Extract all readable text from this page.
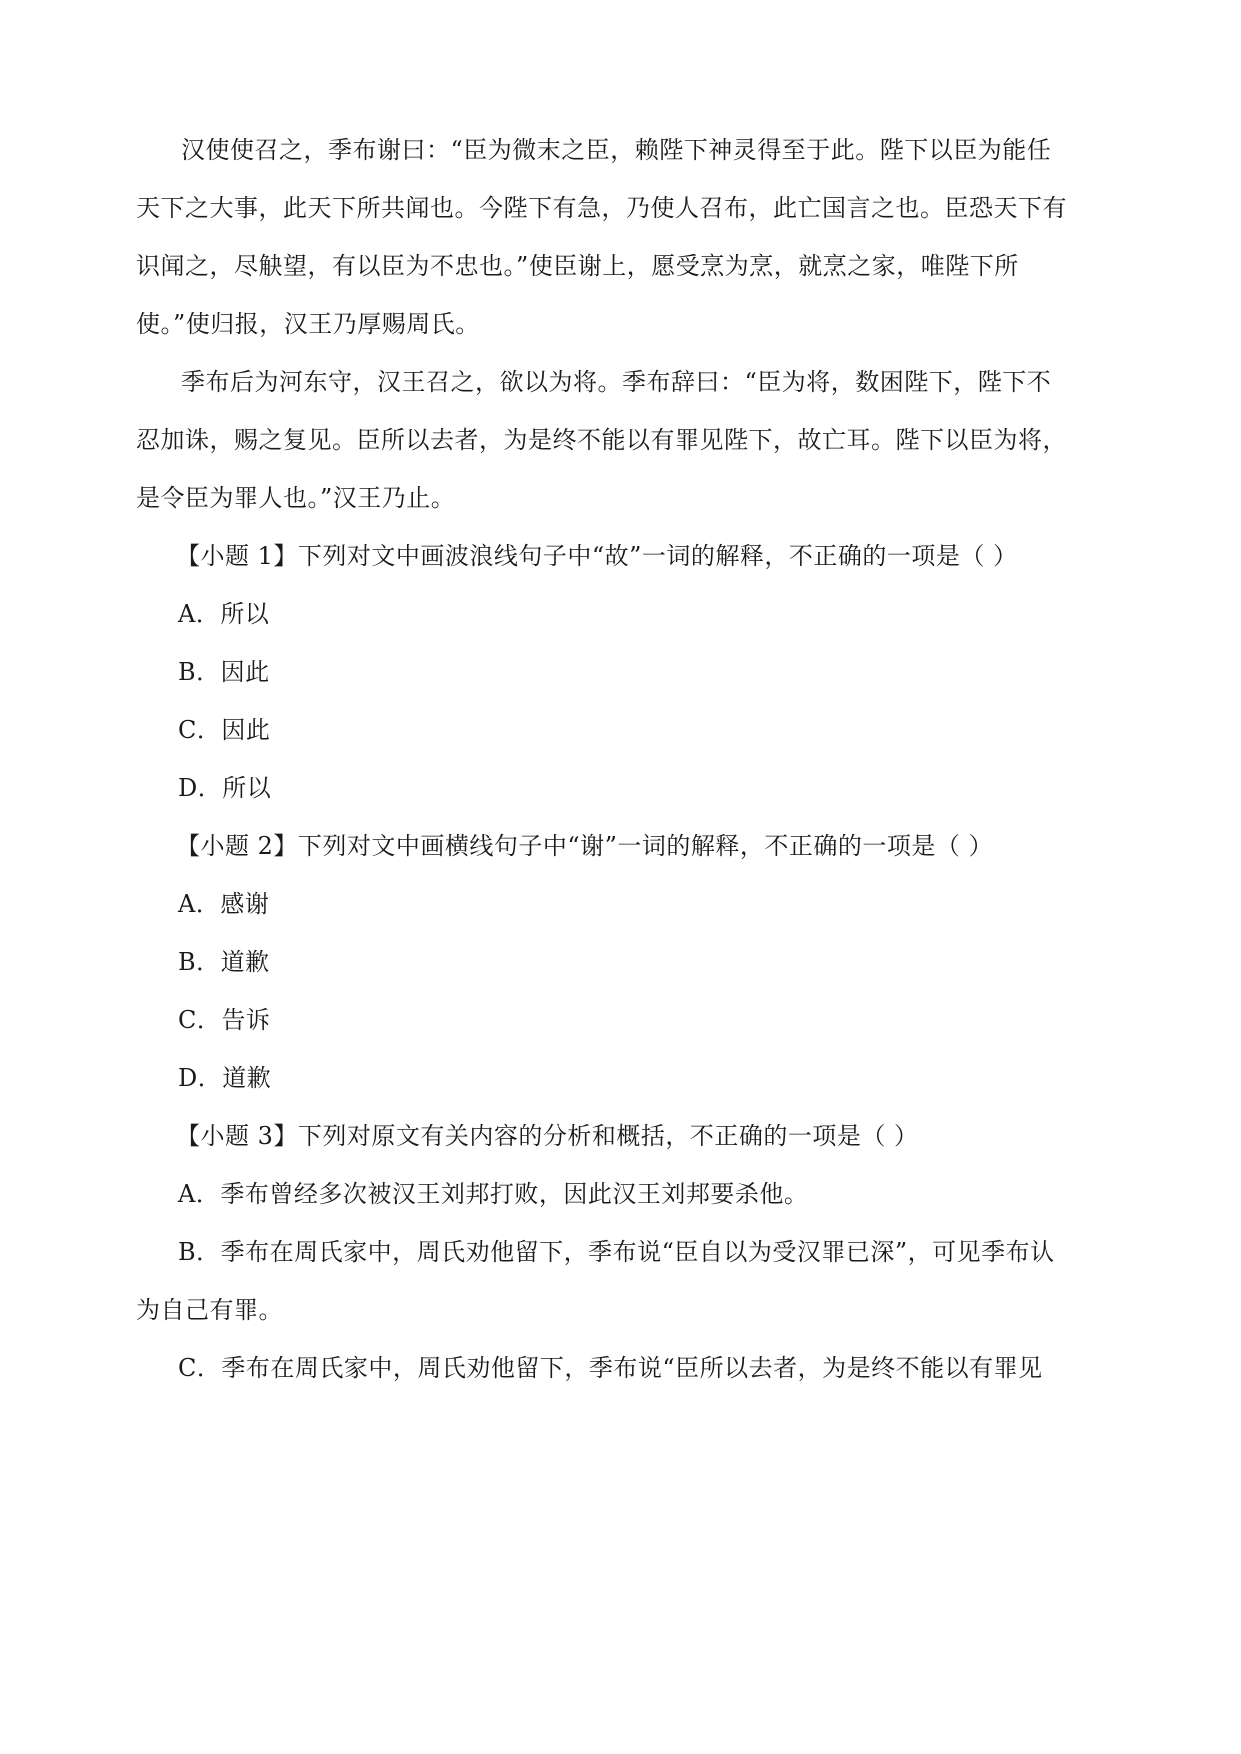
汉使使召之，季布谢曰：“臣为微末之臣，赖陛下神灵得至于此。陛下以臣为能任
天下之大事，此天下所共闻也。今陛下有急，乃使人召布，此亡国言之也。臣恐天下有
识闻之，尽觖望，有以臣为不忠也。”使臣谢上，愿受烹为烹，就烹之家，唯陛下所
使。”使归报，汉王乃厚赐周氏。
季布后为河东守，汉王召之，欲以为将。季布辞曰：“臣为将，数困陛下，陛下不
忍加诛，赐之复见。臣所以去者，为是终不能以有罪见陛下，故亡耳。陛下以臣为将，
是令臣为罪人也。”汉王乃止。
【小题 1】下列对文中画波浪线句子中“故”一词的解释，不正确的一项是（ ）
A．所以
B．因此
C．因此
D．所以
【小题 2】下列对文中画横线句子中“谢”一词的解释，不正确的一项是（ ）
A．感谢
B．道歉
C．告诉
D．道歉
【小题 3】下列对原文有关内容的分析和概括，不正确的一项是（ ）
A．季布曾经多次被汉王刘邦打败，因此汉王刘邦要杀他。
B．季布在周氏家中，周氏劝他留下，季布说“臣自以为受汉罪已深”，可见季布认
为自己有罪。
C．季布在周氏家中，周氏劝他留下，季布说“臣所以去者，为是终不能以有罪见
